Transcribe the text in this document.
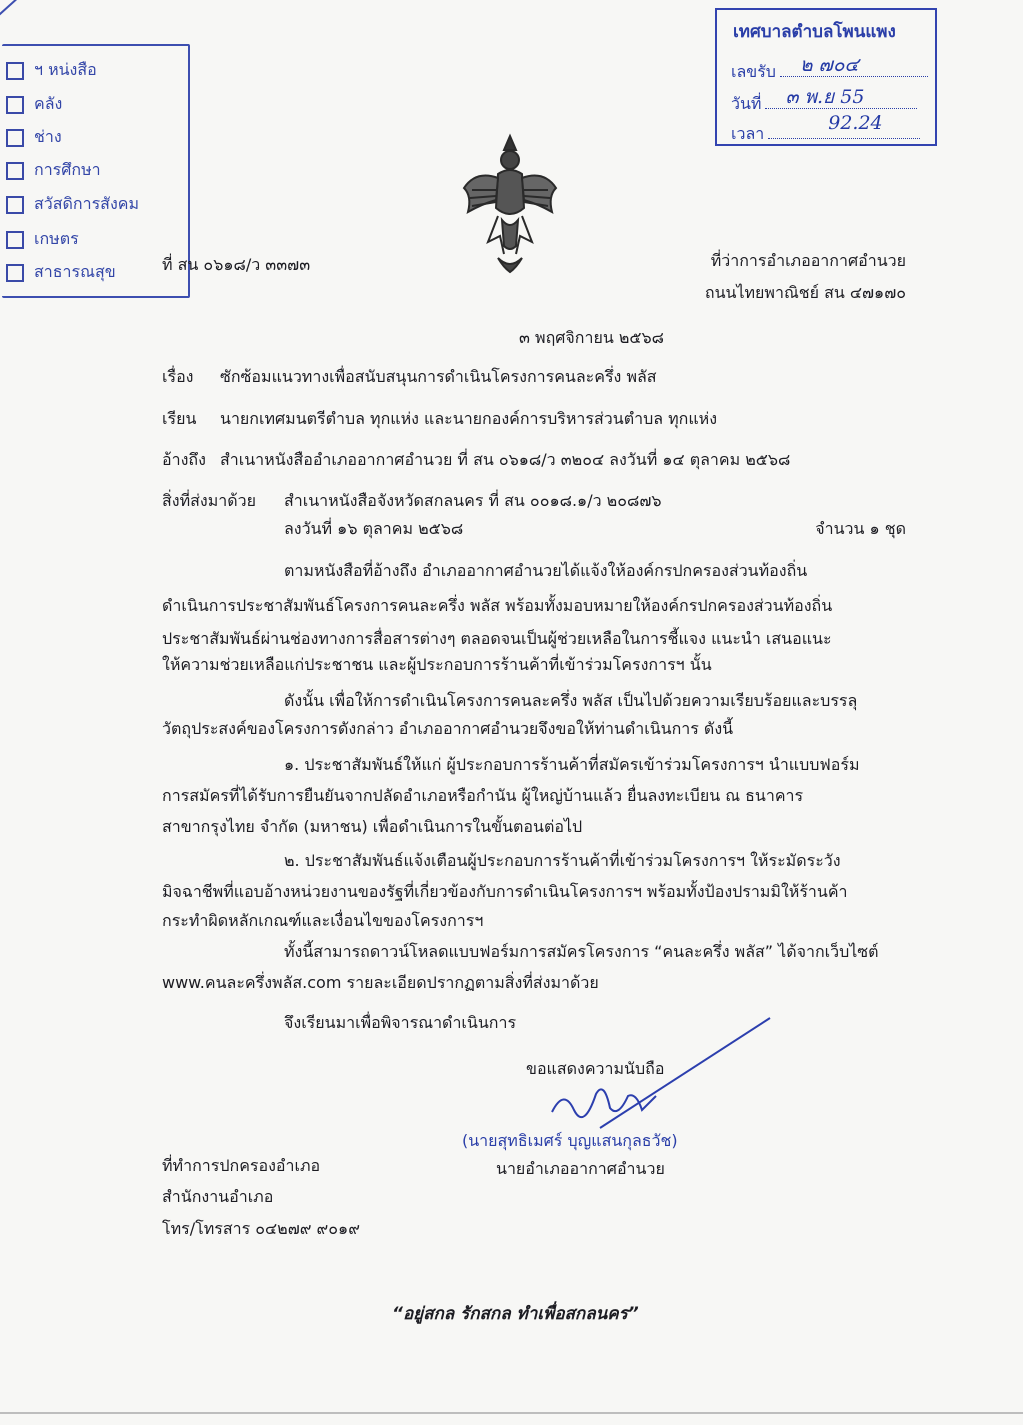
ฯ หน่งสือ
คลัง
ช่าง
การศึกษา
สวัสดิการสังคม
เกษตร
สาธารณสุข
เทศบาลตำบลโพนแพง
เลขรับ ๒ ๗๐๔
วันที่ ๓ พ.ย 55
เวลา	92.24
ที่ สน ๐๖๑๘/ว ๓๓๗๓	ที่ว่าการอำเภออากาศอำนวย
ถนนไทยพาณิชย์ สน ๔๗๑๗๐
๓ พฤศจิกายน ๒๕๖๘
เรื่อง ซักซ้อมแนวทางเพื่อสนับสนุนการดำเนินโครงการคนละครึ่ง พลัส
เรียน นายกเทศมนตรีตำบล ทุกแห่ง และนายกองค์การบริหารส่วนตำบล ทุกแห่ง
อ้างถึง สำเนาหนังสืออำเภออากาศอำนวย ที่ สน ๐๖๑๘/ว ๓๒๐๔ ลงวันที่ ๑๔ ตุลาคม ๒๕๖๘
สิ่งที่ส่งมาด้วย สำเนาหนังสือจังหวัดสกลนคร ที่ สน ๐๐๑๘.๑/ว ๒๐๘๗๖
ลงวันที่ ๑๖ ตุลาคม ๒๕๖๘	จำนวน ๑ ชุด
ตามหนังสือที่อ้างถึง อำเภออากาศอำนวยได้แจ้งให้องค์กรปกครองส่วนท้องถิ่น
ดำเนินการประชาสัมพันธ์โครงการคนละครึ่ง พลัส พร้อมทั้งมอบหมายให้องค์กรปกครองส่วนท้องถิ่น
ประชาสัมพันธ์ผ่านช่องทางการสื่อสารต่างๆ ตลอดจนเป็นผู้ช่วยเหลือในการชี้แจง แนะนำ เสนอแนะ
ให้ความช่วยเหลือแก่ประชาชน และผู้ประกอบการร้านค้าที่เข้าร่วมโครงการฯ นั้น
ดังนั้น เพื่อให้การดำเนินโครงการคนละครึ่ง พลัส เป็นไปด้วยความเรียบร้อยและบรรลุ
วัตถุประสงค์ของโครงการดังกล่าว อำเภออากาศอำนวยจึงขอให้ท่านดำเนินการ ดังนี้
๑. ประชาสัมพันธ์ให้แก่ ผู้ประกอบการร้านค้าที่สมัครเข้าร่วมโครงการฯ นำแบบฟอร์ม
การสมัครที่ได้รับการยืนยันจากปลัดอำเภอหรือกำนัน ผู้ใหญ่บ้านแล้ว ยื่นลงทะเบียน ณ ธนาคาร
สาขากรุงไทย จำกัด (มหาชน) เพื่อดำเนินการในขั้นตอนต่อไป
๒. ประชาสัมพันธ์แจ้งเตือนผู้ประกอบการร้านค้าที่เข้าร่วมโครงการฯ ให้ระมัดระวัง
มิจฉาชีพที่แอบอ้างหน่วยงานของรัฐที่เกี่ยวข้องกับการดำเนินโครงการฯ พร้อมทั้งป้องปรามมิให้ร้านค้า
กระทำผิดหลักเกณฑ์และเงื่อนไขของโครงการฯ
ทั้งนี้สามารถดาวน์โหลดแบบฟอร์มการสมัครโครงการ “คนละครึ่ง พลัส” ได้จากเว็บไซต์
www.คนละครึ่งพลัส.com รายละเอียดปรากฏตามสิ่งที่ส่งมาด้วย
จึงเรียนมาเพื่อพิจารณาดำเนินการ
ขอแสดงความนับถือ
(นายสุทธิเมศร์ บุญแสนกุลธวัช)
นายอำเภออากาศอำนวย
ที่ทำการปกครองอำเภอ
สำนักงานอำเภอ
โทร/โทรสาร ๐๔๒๗๙ ๙๐๑๙
“อยู่สกล รักสกล ทำเพื่อสกลนคร”
